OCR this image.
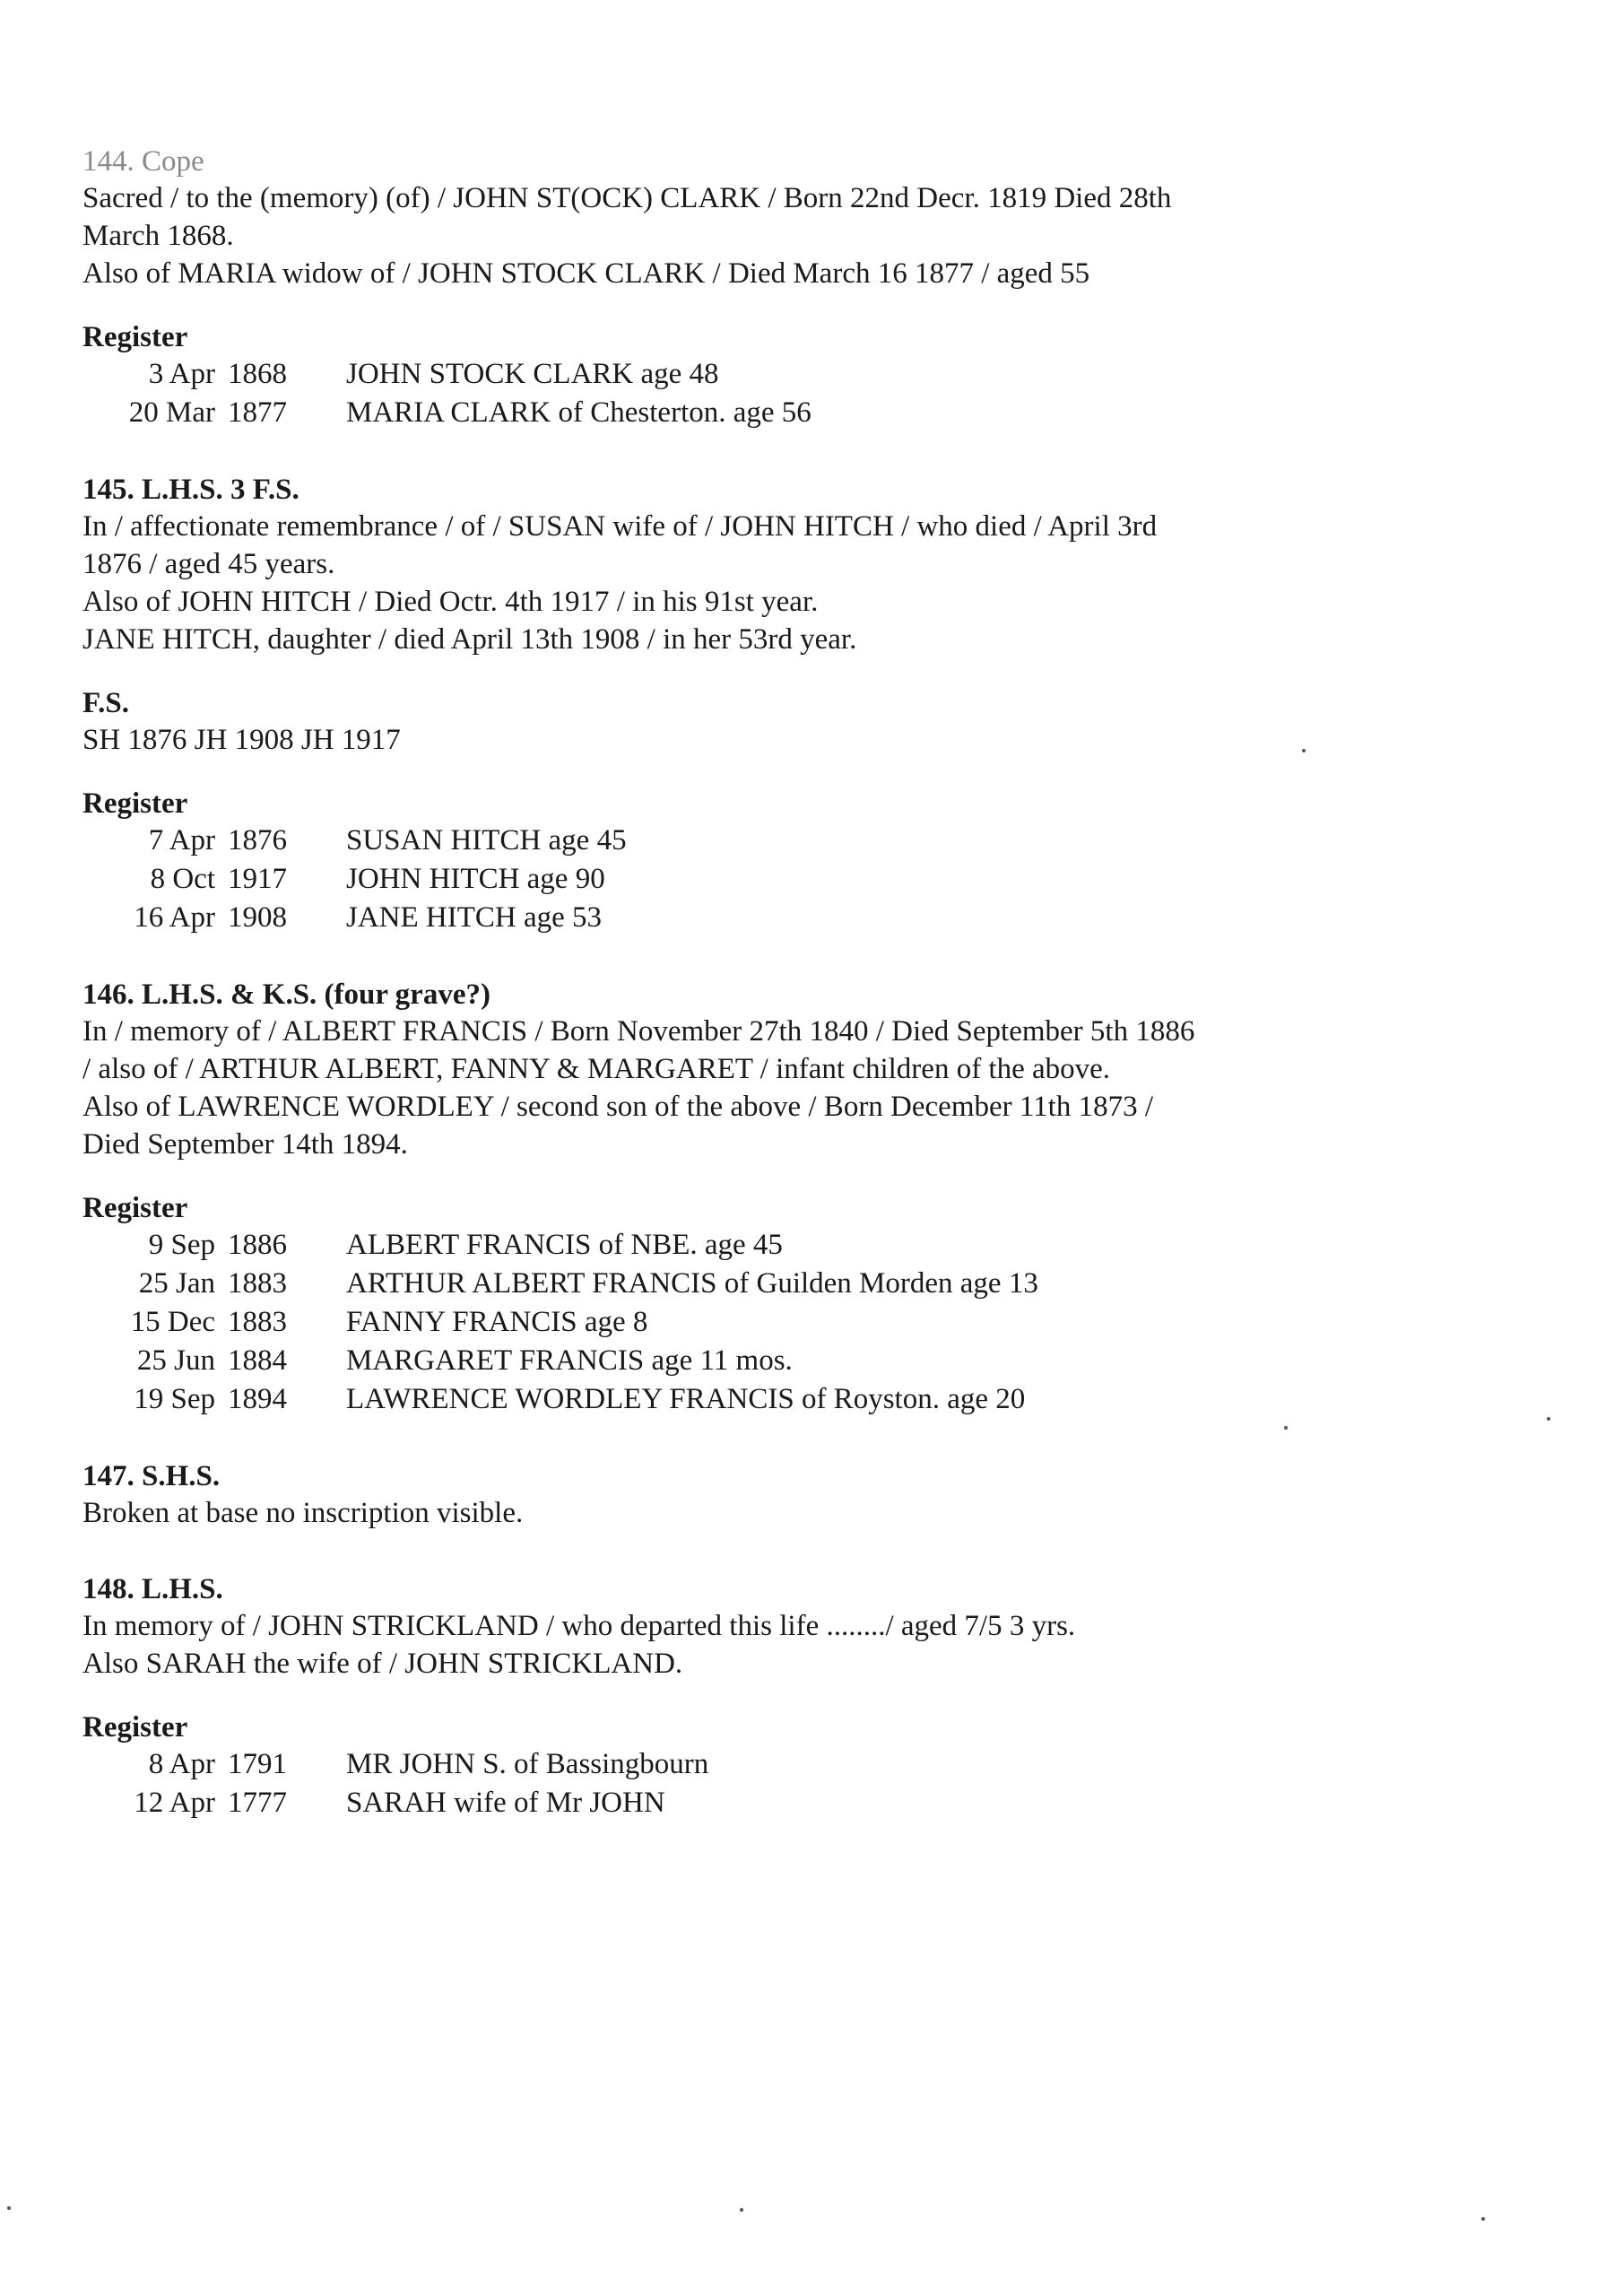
144. Cope
Sacred / to the (memory) (of) / JOHN ST(OCK) CLARK / Born 22nd Decr. 1819 Died 28th
March 1868.
Also of MARIA widow of / JOHN STOCK CLARK / Died March 16 1877 / aged 55
Register
3 Apr	1868	JOHN STOCK CLARK age 48
20 Mar	1877	MARIA CLARK of Chesterton. age 56
145. L.H.S. 3 F.S.
In / affectionate remembrance / of / SUSAN wife of / JOHN HITCH / who died / April 3rd
1876 / aged 45 years.
Also of JOHN HITCH / Died Octr. 4th 1917 / in his 91st year.
JANE HITCH, daughter / died April 13th 1908 / in her 53rd year.
F.S.
SH 1876 JH 1908 JH 1917
Register
7 Apr	1876	SUSAN HITCH age 45
8 Oct	1917	JOHN HITCH age 90
16 Apr	1908	JANE HITCH age 53
146. L.H.S. & K.S. (four grave?)
In / memory of / ALBERT FRANCIS / Born November 27th 1840 / Died September 5th 1886
/ also of / ARTHUR ALBERT, FANNY & MARGARET / infant children of the above.
Also of LAWRENCE WORDLEY / second son of the above / Born December 11th 1873 /
Died September 14th 1894.
Register
9 Sep	1886	ALBERT FRANCIS of NBE. age 45
25 Jan	1883	ARTHUR ALBERT FRANCIS of Guilden Morden age 13
15 Dec	1883	FANNY FRANCIS age 8
25 Jun	1884	MARGARET FRANCIS age 11 mos.
19 Sep	1894	LAWRENCE WORDLEY FRANCIS of Royston. age 20
147. S.H.S.
Broken at base no inscription visible.
148. L.H.S.
In memory of / JOHN STRICKLAND / who departed this life ......../ aged 7/5 3 yrs.
Also SARAH the wife of / JOHN STRICKLAND.
Register
8 Apr	1791	MR JOHN S. of Bassingbourn
12 Apr	1777	SARAH wife of Mr JOHN
